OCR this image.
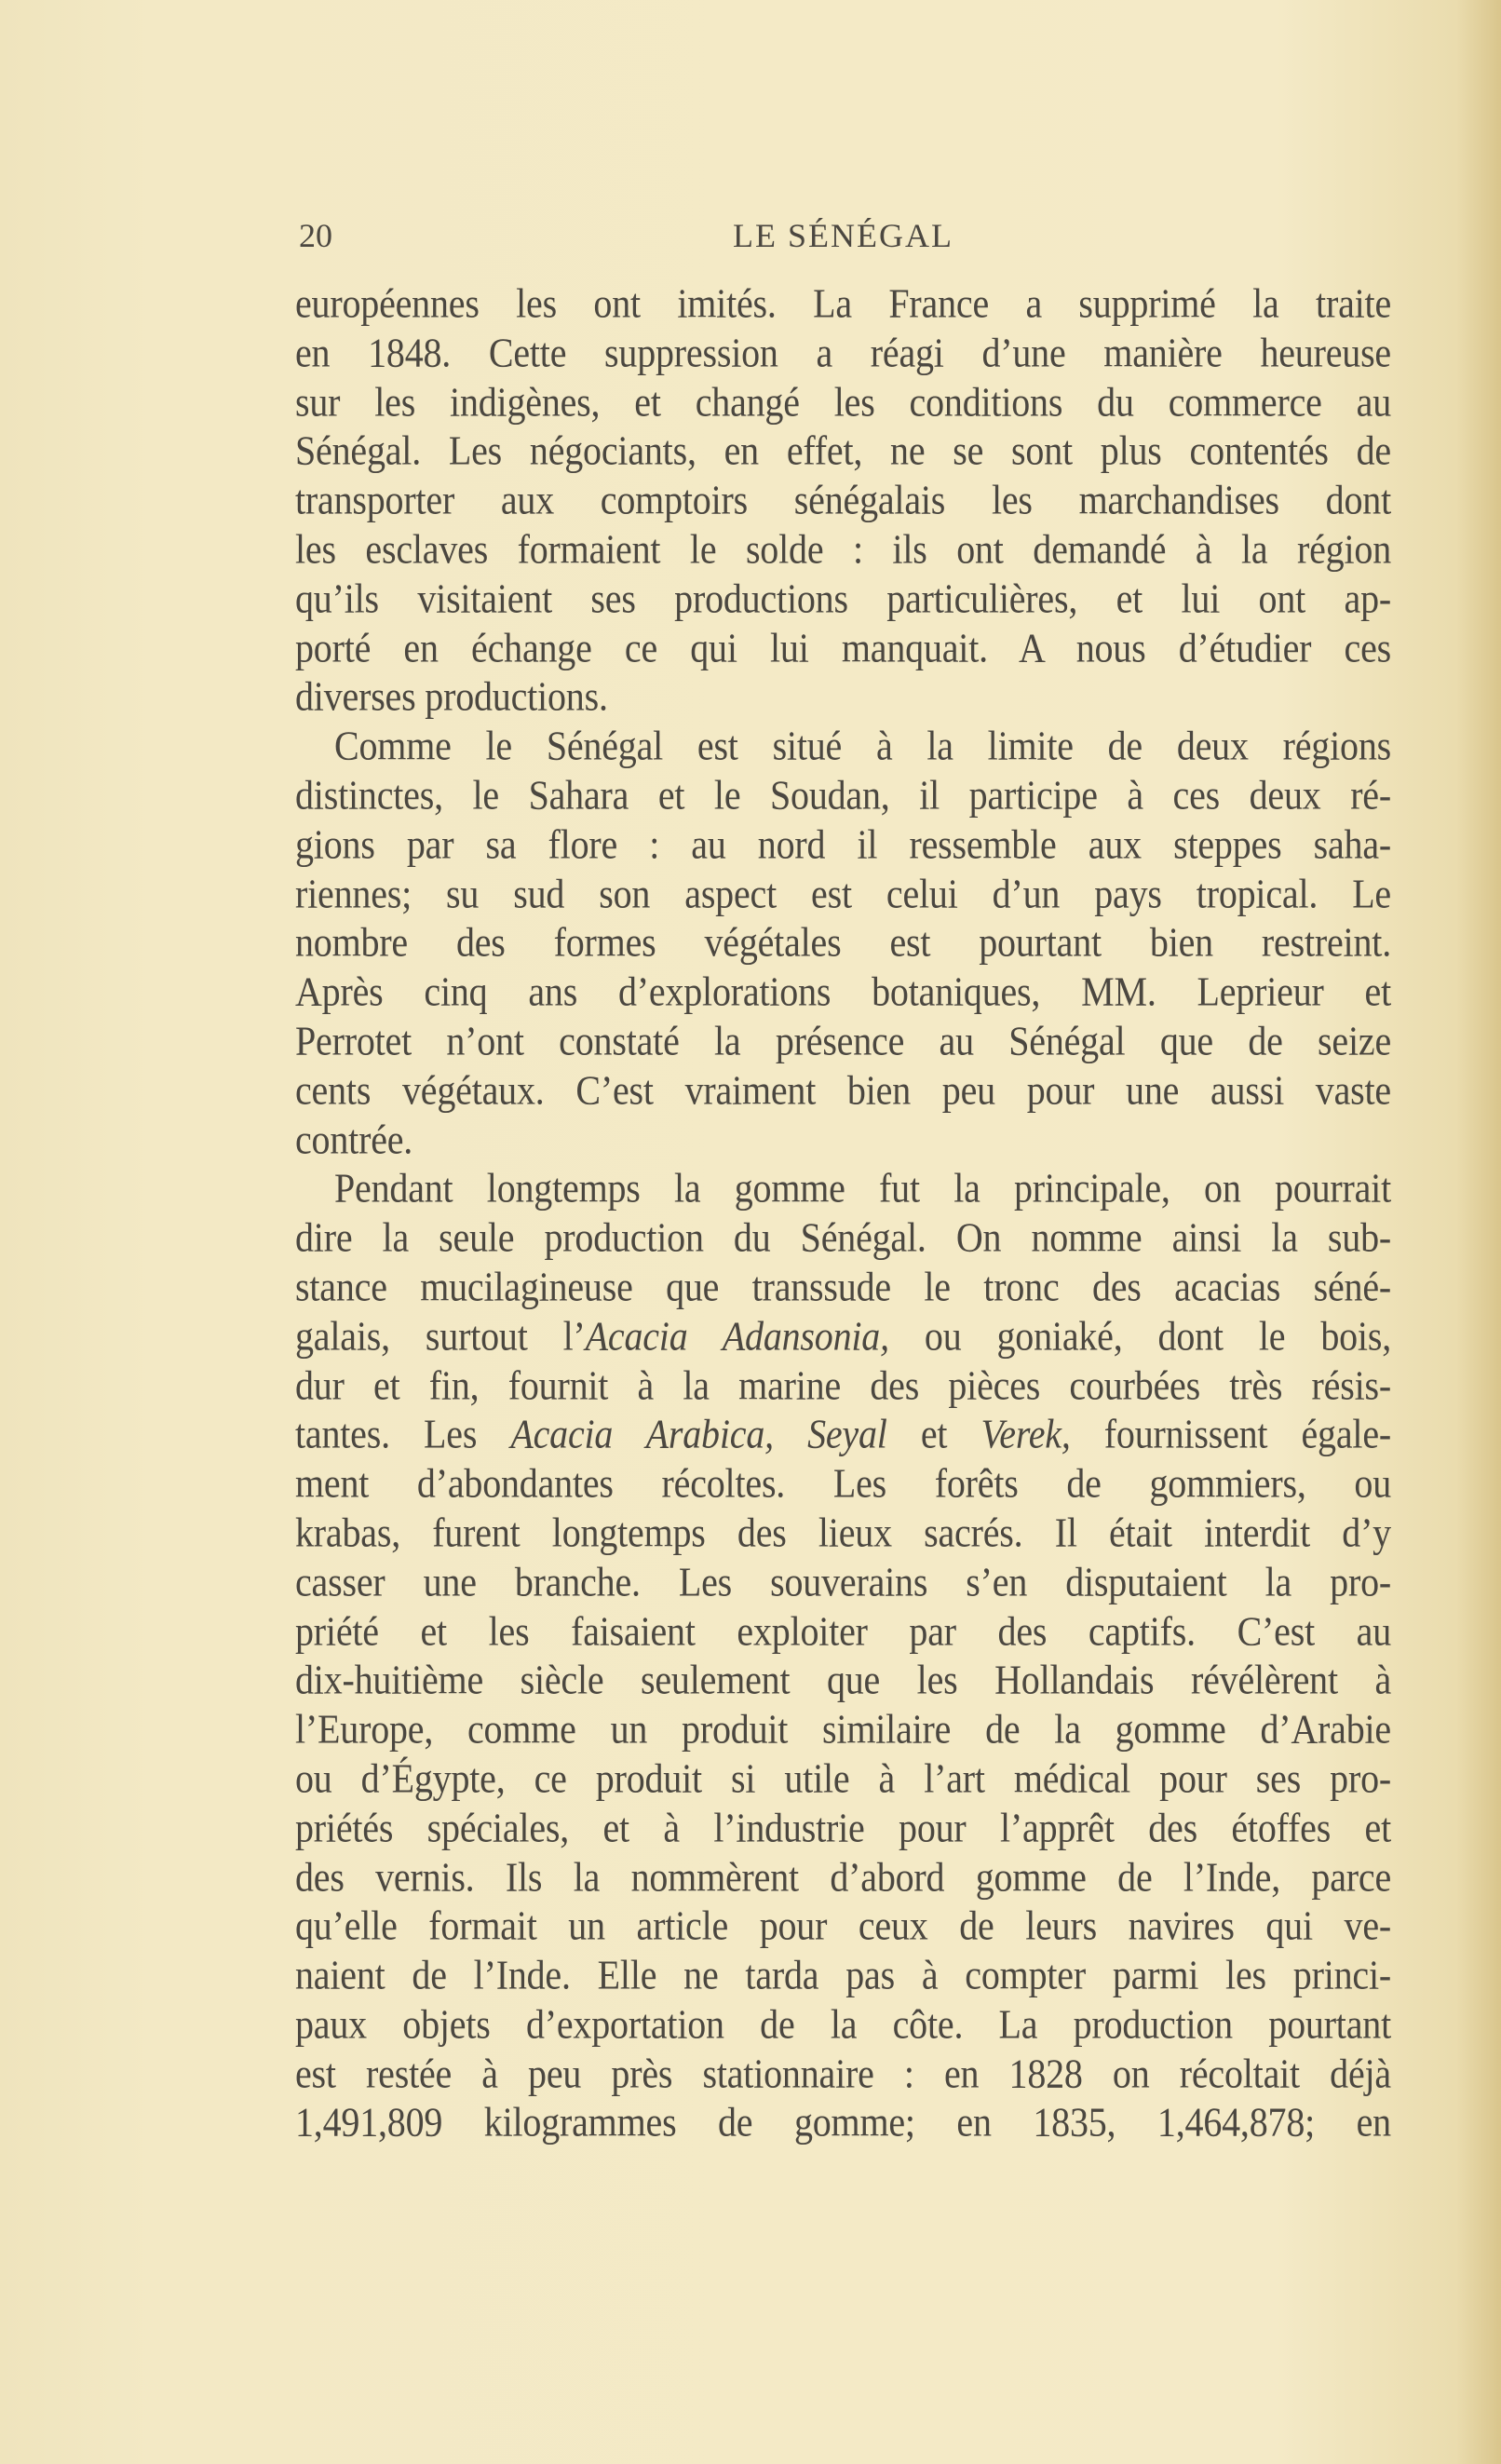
20	LE SÉNÉGAL
européennes les ont imités. La France a supprimé la traite
en 1848. Cette suppression a réagi d’une manière heureuse
sur les indigènes, et changé les conditions du commerce au
Sénégal. Les négociants, en effet, ne se sont plus contentés de
transporter aux comptoirs sénégalais les marchandises dont
les esclaves formaient le solde : ils ont demandé à la région
qu’ils visitaient ses productions particulières, et lui ont ap-
porté en échange ce qui lui manquait. A nous d’étudier ces
diverses productions.
Comme le Sénégal est situé à la limite de deux régions
distinctes, le Sahara et le Soudan, il participe à ces deux ré-
gions par sa flore : au nord il ressemble aux steppes saha-
riennes; su sud son aspect est celui d’un pays tropical. Le
nombre des formes végétales est pourtant bien restreint.
Après cinq ans d’explorations botaniques, MM. Leprieur et
Perrotet n’ont constaté la présence au Sénégal que de seize
cents végétaux. C’est vraiment bien peu pour une aussi vaste
contrée.
Pendant longtemps la gomme fut la principale, on pourrait
dire la seule production du Sénégal. On nomme ainsi la sub-
stance mucilagineuse que transsude le tronc des acacias séné-
galais, surtout l’Acacia Adansonia, ou goniaké, dont le bois,
dur et fin, fournit à la marine des pièces courbées très résis-
tantes. Les Acacia Arabica, Seyal et Verek, fournissent égale-
ment d’abondantes récoltes. Les forêts de gommiers, ou
krabas, furent longtemps des lieux sacrés. Il était interdit d’y
casser une branche. Les souverains s’en disputaient la pro-
priété et les faisaient exploiter par des captifs. C’est au
dix-huitième siècle seulement que les Hollandais révélèrent à
l’Europe, comme un produit similaire de la gomme d’Arabie
ou d’Égypte, ce produit si utile à l’art médical pour ses pro-
priétés spéciales, et à l’industrie pour l’apprêt des étoffes et
des vernis. Ils la nommèrent d’abord gomme de l’Inde, parce
qu’elle formait un article pour ceux de leurs navires qui ve-
naient de l’Inde. Elle ne tarda pas à compter parmi les princi-
paux objets d’exportation de la côte. La production pourtant
est restée à peu près stationnaire : en 1828 on récoltait déjà
1,491,809 kilogrammes de gomme; en 1835, 1,464,878; en
